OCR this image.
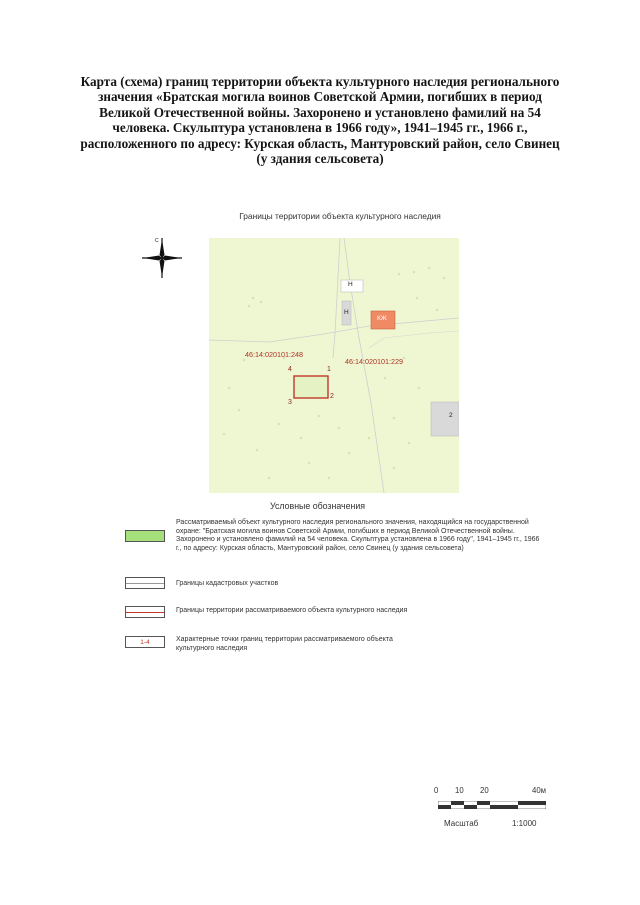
Карта (схема) границ территории объекта культурного наследия регионального значения «Братская могила воинов Советской Армии, погибших в период Великой Отечественной войны. Захоронено и установлено фамилий на 54 человека. Скульптура установлена в 1966 году», 1941–1945 гг., 1966 г., расположенного по адресу: Курская область, Мантуровский район, село Свинец (у здания сельсовета)
Границы территории объекта культурного наследия
С
46:14:020101:248
46:14:020101:229
1
2
3
4
Н
Н
КЖ
2
Условные обозначения
Рассматриваемый объект культурного наследия регионального значения, находящийся на государственной охране: "Братская могила воинов Советской Армии, погибших в период Великой Отечественной войны. Захоронено и установлено фамилий на 54 человека. Скульптура установлена в 1966 году", 1941–1945 гг., 1966 г., по адресу: Курская область, Мантуровский район, село Свинец (у здания сельсовета)
Границы кадастровых участков
Границы территории рассматриваемого объекта культурного наследия
1-4	Характерные точки границ территории рассматриваемого объекта культурного наследия
0 10 20	40м
Масштаб	1:1000
